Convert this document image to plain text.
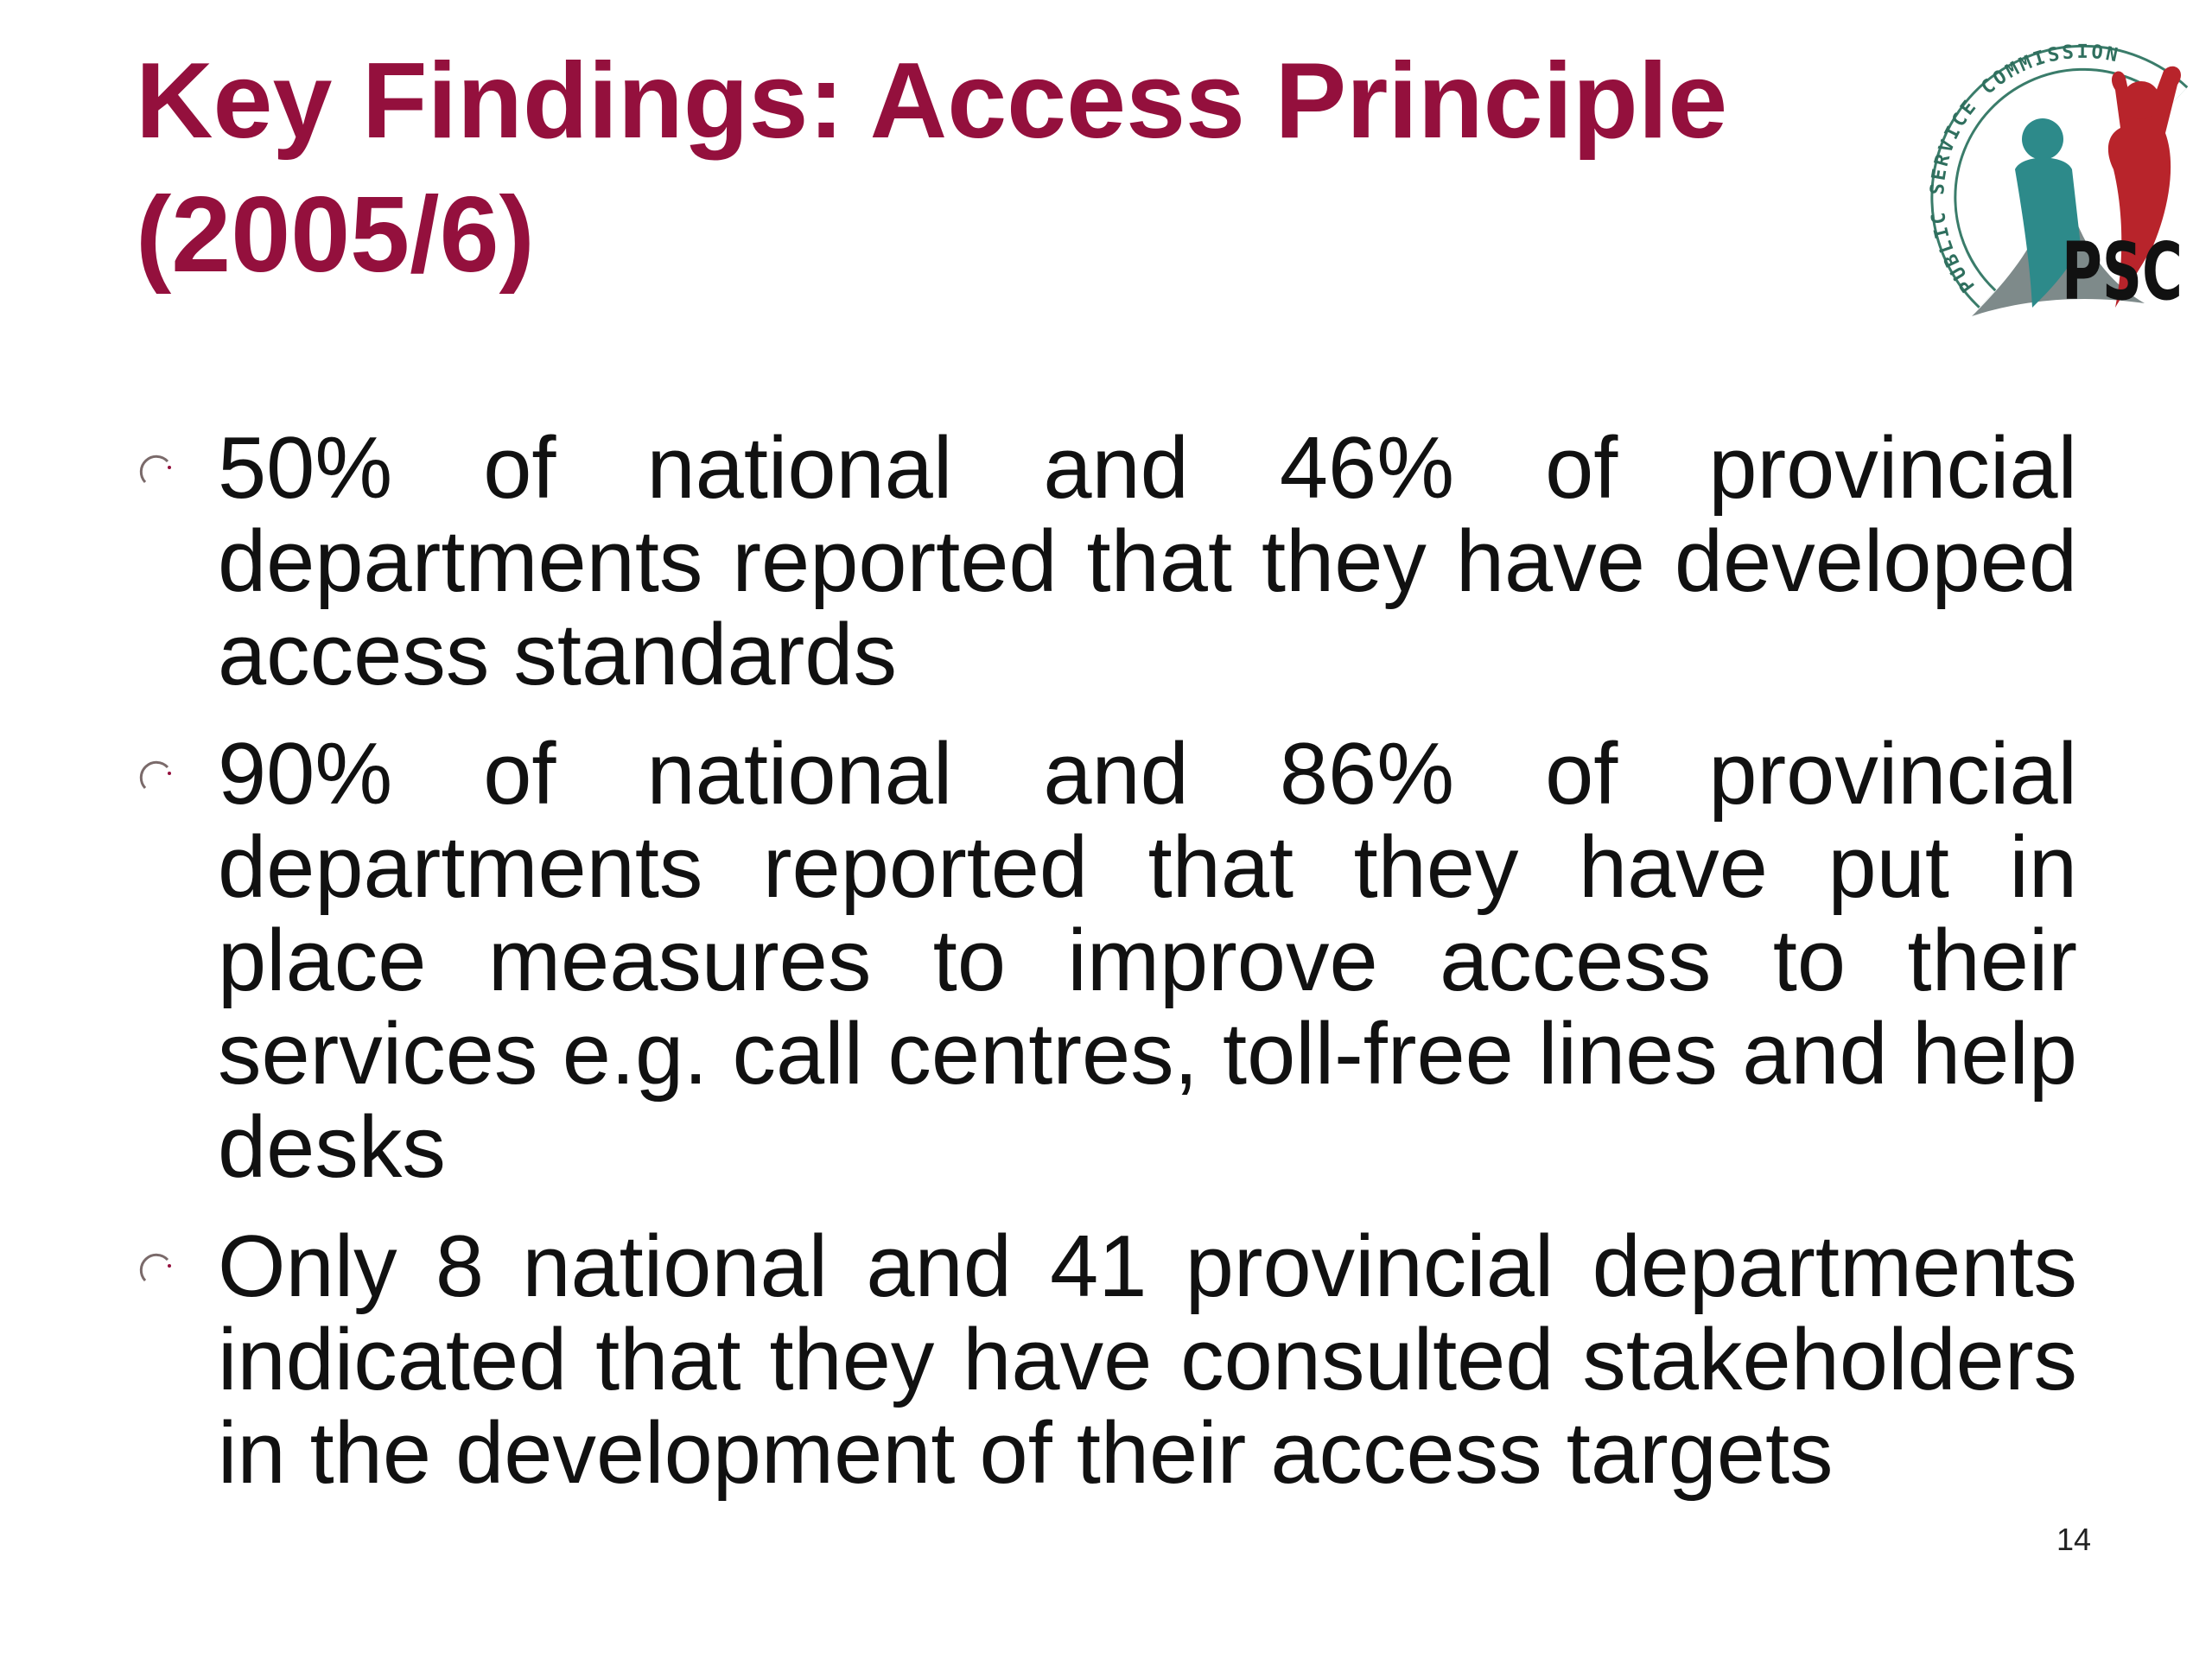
Key Findings: Access Principle
(2005/6)	PUBLIC SERVICE COMMISSION
PSC
50% of national and 46% of provincial departments reported that they have developed access standards
90% of national and 86% of provincial departments reported that they have put in place measures to improve access to their services e.g. call centres, toll-free lines and help desks
Only 8 national and 41 provincial departments indicated that they have consulted stakeholders in the development of their access targets
14
